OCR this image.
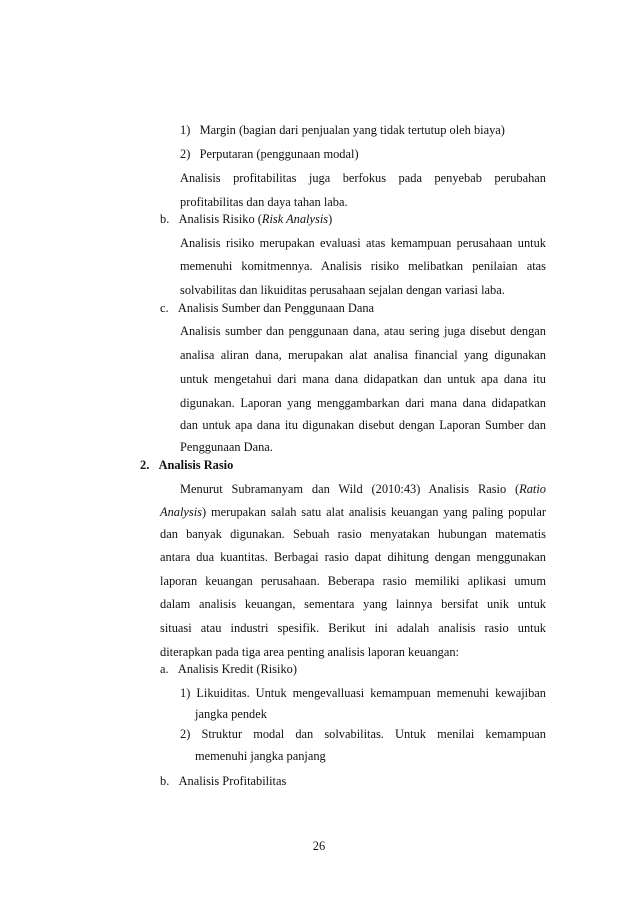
1)   Margin (bagian dari penjualan yang tidak tertutup oleh biaya)
2)   Perputaran (penggunaan modal)
Analisis profitabilitas juga berfokus pada penyebab perubahan
profitabilitas dan daya tahan laba.
b.   Analisis Risiko (Risk Analysis)
Analisis risiko merupakan evaluasi atas kemampuan perusahaan untuk
memenuhi komitmennya. Analisis risiko melibatkan penilaian atas
solvabilitas dan likuiditas perusahaan sejalan dengan variasi laba.
c.   Analisis Sumber dan Penggunaan Dana
Analisis sumber dan penggunaan dana, atau sering juga disebut dengan
analisa aliran dana, merupakan alat analisa financial yang digunakan
untuk mengetahui dari mana dana didapatkan dan untuk apa dana itu
digunakan. Laporan yang menggambarkan dari mana dana didapatkan
dan untuk apa dana itu digunakan disebut dengan Laporan Sumber dan
Penggunaan Dana.
2.   Analisis Rasio
Menurut Subramanyam dan Wild (2010:43) Analisis Rasio (Ratio
Analysis) merupakan salah satu alat analisis keuangan yang paling popular
dan banyak digunakan. Sebuah rasio menyatakan hubungan matematis
antara dua kuantitas. Berbagai rasio dapat dihitung dengan menggunakan
laporan keuangan perusahaan. Beberapa rasio memiliki aplikasi umum
dalam analisis keuangan, sementara yang lainnya bersifat unik untuk
situasi atau industri spesifik. Berikut ini adalah analisis rasio untuk
diterapkan pada tiga area penting analisis laporan keuangan:
a.   Analisis Kredit (Risiko)
1) Likuiditas. Untuk mengevalluasi kemampuan memenuhi kewajiban
jangka pendek
2) Struktur modal dan solvabilitas. Untuk menilai kemampuan
memenuhi jangka panjang
b.   Analisis Profitabilitas
26
